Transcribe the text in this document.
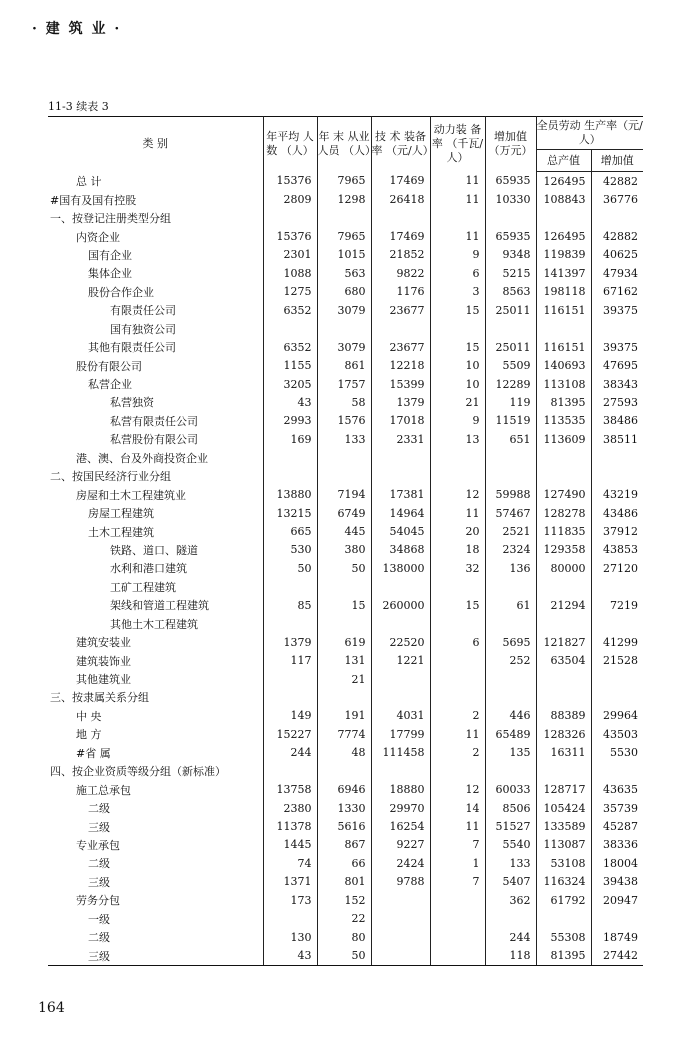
· 建 筑 业 ·
11-3 续表 3
类 别	年平均 人 数 （人）	年 末 从业人员 （人）	技 术 装备率 （元/人）	动力装 备 率 （千瓦/人）	增加值 （万元）	全员劳动 生产率（元/人）	
						总产值	增加值
总 计	15376	7965	17469	11	65935	126495	42882
#国有及国有控股	2809	1298	26418	11	10330	108843	36776
一、按登记注册类型分组							
内资企业	15376	7965	17469	11	65935	126495	42882
国有企业	2301	1015	21852	9	9348	119839	40625
集体企业	1088	563	9822	6	5215	141397	47934
股份合作企业	1275	680	1176	3	8563	198118	67162
有限责任公司	6352	3079	23677	15	25011	116151	39375
国有独资公司							
其他有限责任公司	6352	3079	23677	15	25011	116151	39375
股份有限公司	1155	861	12218	10	5509	140693	47695
私营企业	3205	1757	15399	10	12289	113108	38343
私营独资	43	58	1379	21	119	81395	27593
私营有限责任公司	2993	1576	17018	9	11519	113535	38486
私营股份有限公司	169	133	2331	13	651	113609	38511
港、澳、台及外商投资企业							
二、按国民经济行业分组							
房屋和土木工程建筑业	13880	7194	17381	12	59988	127490	43219
房屋工程建筑	13215	6749	14964	11	57467	128278	43486
土木工程建筑	665	445	54045	20	2521	111835	37912
铁路、道口、隧道	530	380	34868	18	2324	129358	43853
水利和港口建筑	50	50	138000	32	136	80000	27120
工矿工程建筑							
架线和管道工程建筑	85	15	260000	15	61	21294	7219
其他土木工程建筑							
建筑安装业	1379	619	22520	6	5695	121827	41299
建筑装饰业	117	131	1221		252	63504	21528
其他建筑业		21					
三、按隶属关系分组							
中 央	149	191	4031	2	446	88389	29964
地 方	15227	7774	17799	11	65489	128326	43503
#省 属	244	48	111458	2	135	16311	5530
四、按企业资质等级分组（新标准）							
施工总承包	13758	6946	18880	12	60033	128717	43635
二级	2380	1330	29970	14	8506	105424	35739
三级	11378	5616	16254	11	51527	133589	45287
专业承包	1445	867	9227	7	5540	113087	38336
二级	74	66	2424	1	133	53108	18004
三级	1371	801	9788	7	5407	116324	39438
劳务分包	173	152			362	61792	20947
一级		22					
二级	130	80			244	55308	18749
三级	43	50			118	81395	27442
164
